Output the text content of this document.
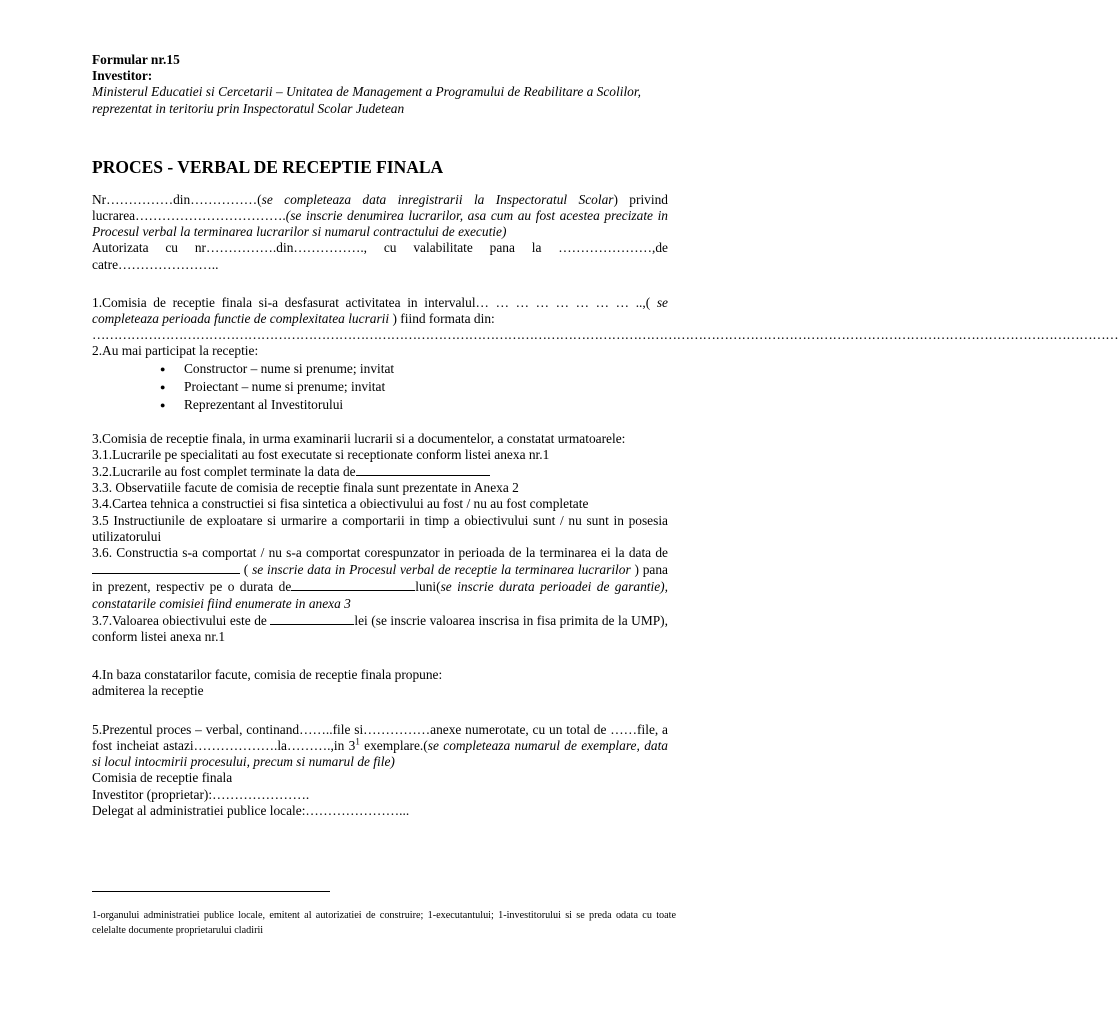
Formular nr.15

Investitor:

Ministerul Educatiei si Cercetarii – Unitatea de Management a Programului de Reabilitare a Scolilor, reprezentat in teritoriu prin Inspectoratul Scolar Judetean

PROCES - VERBAL DE RECEPTIE FINALA

Nr……………din……………(se completeaza data inregistrarii la Inspectoratul Scolar) privind lucrarea…………………………….(se inscrie denumirea lucrarilor, asa cum au fost acestea precizate in Procesul verbal la terminarea lucrarilor si numarul contractului de executie)

Autorizata cu nr…………….din……………., cu valabilitate pana la …………………,de catre…………………..

1.Comisia de receptie finala si-a desfasurat activitatea in intervalul… … … … … … … … ..,( se completeaza perioada functie de complexitatea lucrarii ) fiind formata din:

…………………………………………………………………………………………………………………………………………………………………………………………………………………

2.Au mai participat la receptie:

● Constructor – nume si prenume; invitat
● Proiectant – nume si prenume; invitat
● Reprezentant al Investitorului

3.Comisia de receptie finala, in urma examinarii lucrarii si a documentelor, a constatat urmatoarele:

3.1.Lucrarile pe specialitati au fost executate si receptionate conform listei anexa nr.1

3.2.Lucrarile au fost complet terminate la data de

3.3. Observatiile facute de comisia de receptie finala sunt prezentate in Anexa 2

3.4.Cartea tehnica a constructiei si fisa sintetica a obiectivului au fost / nu au fost completate

3.5 Instructiunile de exploatare si urmarire a comportarii in timp a obiectivului sunt / nu sunt in posesia utilizatorului

3.6. Constructia s-a comportat / nu s-a comportat corespunzator in perioada de la terminarea ei la data de  ( se inscrie data in Procesul verbal de receptie la terminarea lucrarilor ) pana in prezent, respectiv pe o durata de	luni(se inscrie durata perioadei de garantie), constatarile comisiei fiind enumerate in anexa 3

3.7.Valoarea obiectivului este de	lei (se inscrie valoarea inscrisa in fisa primita de la UMP), conform listei anexa nr.1

4.In baza constatarilor facute, comisia de receptie finala propune:

admiterea la receptie

5.Prezentul proces – verbal, continand……..file si……………anexe numerotate, cu un total de ……file, a fost incheiat astazi……………….la……….,in $3^1$ exemplare.(se completeaza numarul de exemplare, data si locul intocmirii procesului, precum si numarul de file)

Comisia de receptie finala

Investitor (proprietar):………………….

Delegat al administratiei publice locale:…………………...

1-organului administratiei publice locale, emitent al autorizatiei de construire; 1-executantului; 1-investitorului si se preda odata cu toate celelalte documente proprietarului cladirii
